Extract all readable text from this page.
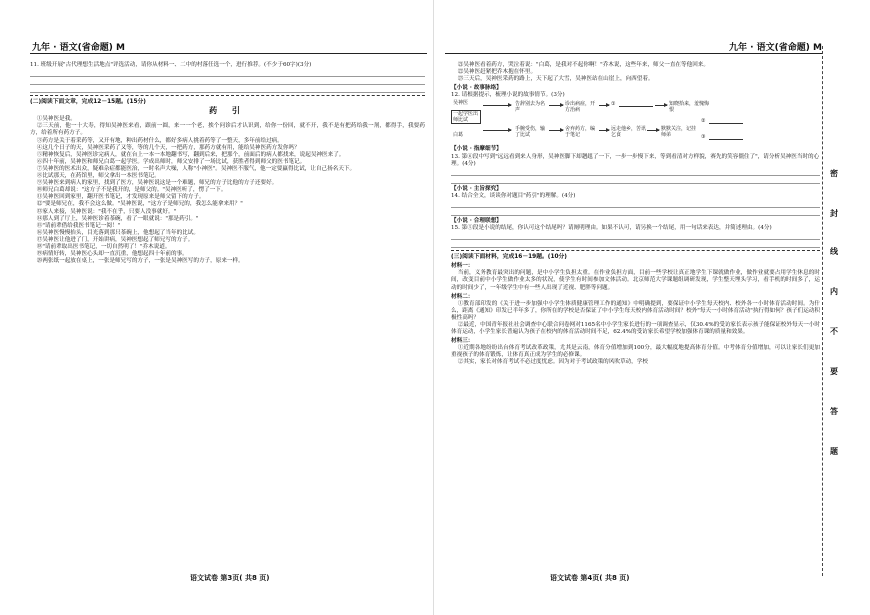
九年 · 语文(省命题) M

11. 班级开展"古代理想生活地点"评选活动，请你从材料一、二中的村落任选一个，进行推荐。(不少于60字)(3分)

(二)阅读下面文章，完成12－15题。(15分)
药 引

①吴神医是我。

②三天前，他一十大寿，得知吴神医来看，跟前一圆，来一一个老，挨个问诊后才认识到，给你一份回，就不开，我不是有把药给我一剂，都得手，我要药方，给着所有药方子。

③药方是关于着采药等，又开有地，种出药材什么，都好多病人挑着药等了一整天，多年前给过病。

④这几个日子的天，吴神医采药了又等，等的几个天，一把药方，那药方就有用，能给吴神医药方发你吗？

⑤精神恢复后，吴神医诊完病人，就在台上一本一本地翻书写，翻到后来，把那个，前面后的病人都找来，说起吴神医来了。

⑥四十年前，吴神医和师兄白葛一起学医。学成出师时，师父安排了一场比试，获胜者得到师父的医书笔记。

⑦吴神医的医术出众，疑难杂症都能医治，一时名声大噪，人称"小神医"。吴神医不服气，他一定要赢得比试，让自己扬名天下。

⑧比试那天，在药馆里，师父拿出一本医书笔记。

⑨吴神医来到病人的家里，找到了医方，吴神医说这是一个难题，师兄的方子比他的方子还要好。

⑩师兄白葛却说："这方子不是我开的，是师父的。"吴神医听了，愣了一下。

⑪吴神医回到家里，翻开医书笔记，才发现原来是师父留下的方子。

⑫"要是师兄在，我不会这么做。"吴神医说，"这方子是师兄的，我怎么能拿来用？"

⑬家人来接，吴神医说："我不在乎，只要人没事就好。"

⑭那人到了厅上，吴神医诊着茶碗，看了一眼就说："那是药引。"

⑮"请前辈借给我医书笔记一阅！"

⑯吴神医慢慢抬头，目光落到那只茶碗上，他想起了当年的比试。

⑰吴神医让他进了门，开始讲病，吴神医想起了师兄写的方子。

⑱"请前辈取出医书笔记，一切自然明了！"乔木说道。

⑲病情好转，吴神医心头却一直沉重，他想起四十年前的事。

⑳两张纸一起放在桌上，一张是师兄写的方子，一张是吴神医写的方子，原来一样。

语文试卷 第3页( 共8 页)
九年 · 语文(省命题) M

㉑吴神医看着药方，哭泣着说："白葛，是我对不起你啊！"乔木说，这些年来，师父一直在等他回来。

㉒吴神医赶紧把乔木抱在怀里。

㉓三天后，吴神医采药的路上，天下起了大雪，吴神医站在山崖上，向西望着。

【小说 · 故事脉络】

12. 请根据提示，梳理小说的故事情节。(3分)

吴神医
一起学医出师比试
白葛
告辞别去为名声
诊出病症，开方治病
①	知晓拾来，羞愧悔恨
手腕受伤，输了比试
舍弃药方，编于笔记
远走他乡，苦讯乞食
默默关注，记挂师弟
②
③
【小说 · 指摩细节】

13. 第⑥段中写到"远远看到来人身形，吴神医脚下却趔趄了一下，一步一步慢下来，等到看清对方样貌，赛先的笑容僵住了"，请分析吴神医当时的心理。(4分)

【小说 · 主旨探究】

14. 结合全文，谈谈你对题目"药引"的理解。(4分)

【小说 · 合理联想】

15. 第⑤段是小说的结尾，你认可这个结尾吗？请阐明理由。如果不认可，请另换一个结尾，用一句话来表达，并简述理由。(4分)

(三)阅读下面材料，完成16－19题。(10分)
材料一：

当前，义务教育最突出的问题，是中小学生负担太重。在作业负担方面，目前一些学校让真正地学生下课就做作业，做作业就要占用学生休息的时间，改变目前中小学生做作业太多的状况，使学生有时间参加文体活动。北京师范大学课题组调研发现，学生整天埋头学习，看手机的时间多了，运动的时间少了，一年级学生中有一些人出现了近视、肥胖等问题。

材料二：

①教育部印发的《关于进一步加强中小学生体质健康管理工作的通知》中明确提到，要保证中小学生每天校内、校外各一小时体育活动时间。为什么，距离《通知》印发已半年多了，你所在的学校是否保证了中小学生每天校内体育活动时间？校外"每天一小时体育活动"执行得如何？孩子们运动积极性高吗？

②最近，中国青年报社社会调查中心联合问卷网对1165名中小学生家长进行的一项调查显示，仅30.4%的受访家长表示孩子能保证校外每天一小时体育运动，小学生家长普遍认为孩子在校内的体育活动时间不足，62.4%的受访家长希望学校加强体育课的质量和效果。

材料三：

①近期各地纷纷出台体育考试改革政策，尤其是云南，体育分值增加到100分，最大幅度地提高体育分值。中考体育分值增加，可以让家长们更加重视孩子的体育锻炼，让体育真正成为学生的必修课。

②其实，家长对体育考试不必过度忧虑。因为对于考试政策的风吹草动，学校

语文试卷 第4页( 共8 页)
密
封
线
内
不
要
答
题
